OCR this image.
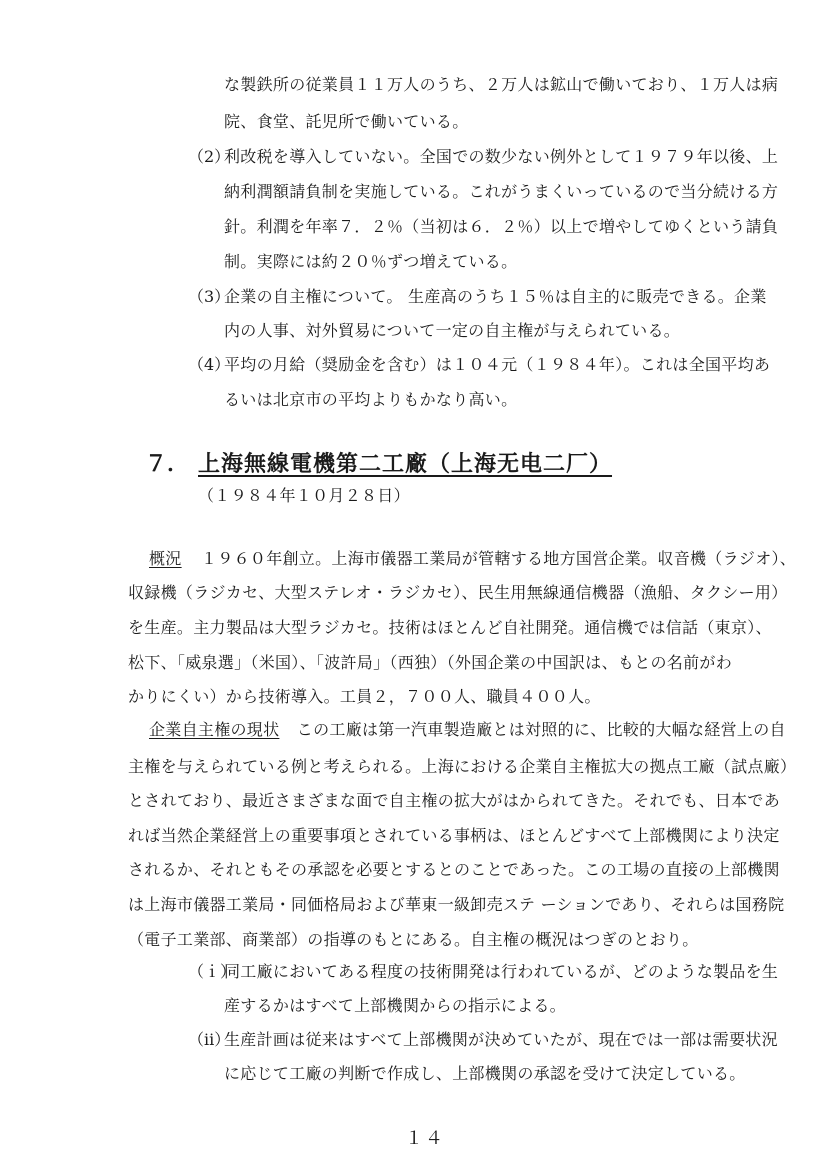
な製鉄所の従業員１１万人のうち、２万人は鉱山で働いており、１万人は病
院、食堂、託児所で働いている。
（2）
利改税を導入していない。全国での数少ない例外として１９７９年以後、上
納利潤額請負制を実施している。これがうまくいっているので当分続ける方
針。利潤を年率７．２％（当初は６．２％）以上で増やしてゆくという請負
制。実際には約２０％ずつ増えている。
（3）
企業の自主権について。 生産高のうち１５％は自主的に販売できる。企業
内の人事、対外貿易について一定の自主権が与えられている。
（4）
平均の月給（奨励金を含む）は１０４元（１９８４年）。これは全国平均あ
るいは北京市の平均よりもかなり高い。
７． 上海無線電機第二工廠（上海无电二厂）
（１９８４年１０月２８日）
概況 １９６０年創立。上海市儀器工業局が管轄する地方国営企業。収音機（ラジオ）、
収録機（ラジカセ、大型ステレオ・ラジカセ）、民生用無線通信機器（漁船、タクシー用）
を生産。主力製品は大型ラジカセ。技術はほとんど自社開発。通信機では信話（東京）、
松下、「威泉選」（米国）、「波許局」（西独）（外国企業の中国訳は、もとの名前がわ
かりにくい）から技術導入。工員２，７００人、職員４００人。
企業自主権の現状 この工廠は第一汽車製造廠とは対照的に、比較的大幅な経営上の自
主権を与えられている例と考えられる。上海における企業自主権拡大の拠点工廠（試点廠）
とされており、最近さまざまな面で自主権の拡大がはかられてきた。それでも、日本であ
れば当然企業経営上の重要事項とされている事柄は、ほとんどすべて上部機関により決定
されるか、それともその承認を必要とするとのことであった。この工場の直接の上部機関
は上海市儀器工業局・同価格局および華東一級卸売ステ ーションであり、それらは国務院
（電子工業部、商業部）の指導のもとにある。自主権の概況はつぎのとおり。
（ｉ）
同工廠においてある程度の技術開発は行われているが、どのような製品を生
産するかはすべて上部機関からの指示による。
（ii）
生産計画は従来はすべて上部機関が決めていたが、現在では一部は需要状況
に応じて工廠の判断で作成し、上部機関の承認を受けて決定している。
１４
